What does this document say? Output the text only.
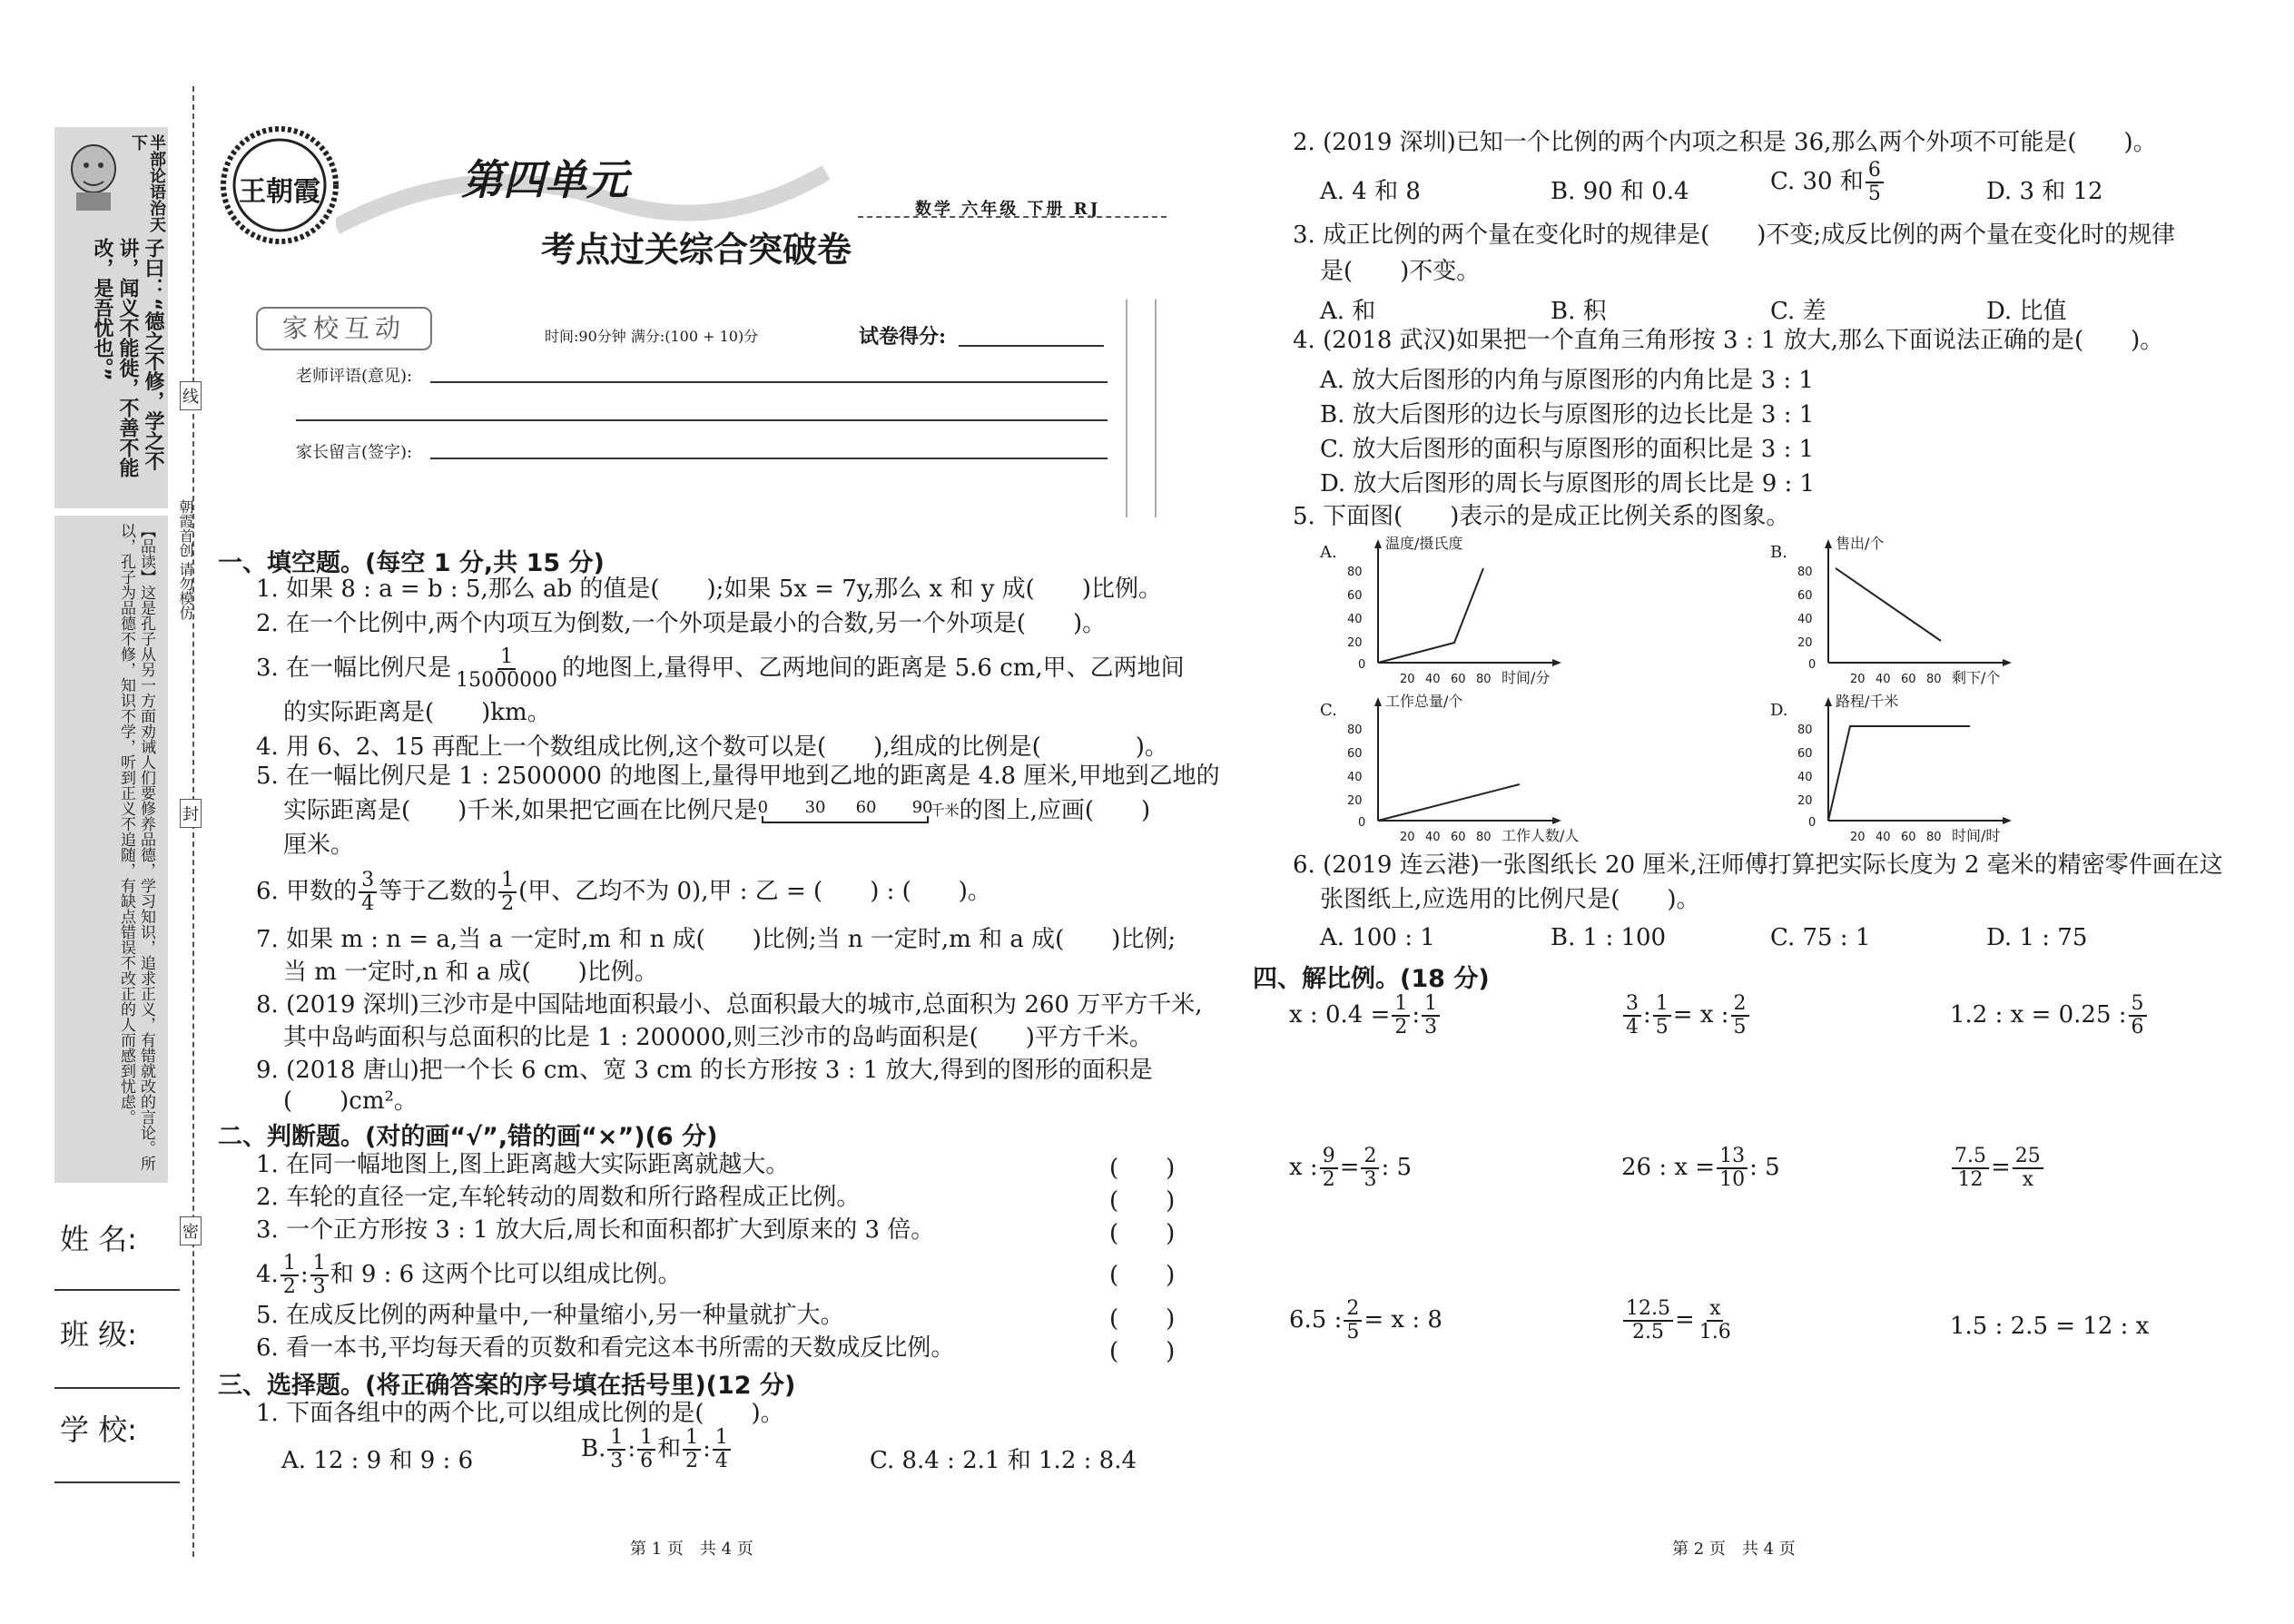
半部论语治天下
子曰：“德之不修，学之不讲，闻义不能徙，不善不能改，是吾忧也。”
【品读】这是孔子从另一方面劝诫人们要修养品德，学习知识，追求正义，有错就改的言论。所以，孔子为品德不修，知识不学，听到正义不追随，有缺点错误不改正的人而感到忧虑。	朝霞首创 请勿模仿
线
封
密
姓 名:
班 级:
学 校:
王朝霞	第四单元
考点过关综合突破卷
数学 六年级 下册 RJ
家校互动	时间:90分钟 满分:(100 + 10)分	试卷得分:
老师评语(意见):
家长留言(签字):
一、填空题。(每空 1 分,共 15 分)
1. 如果 8 : a = b : 5,那么 ab 的值是(　　);如果 5x = 7y,那么 x 和 y 成(　　)比例。
2. 在一个比例中,两个内项互为倒数,一个外项是最小的合数,另一个外项是(　　)。
3. 在一幅比例尺是 $\frac{1}{15000000}$ 的地图上,量得甲、乙两地间的距离是 5.6 cm,甲、乙两地间
的实际距离是(　　)km。
4. 用 6、2、15 再配上一个数组成比例,这个数可以是(　　),组成的比例是(　　　　)。
5. 在一幅比例尺是 1 : 2500000 的地图上,量得甲地到乙地的距离是 4.8 厘米,甲地到乙地的
实际距离是(　　)千米,如果把它画在比例尺是 0 30 60 90
$^{千米}$的图上,应画(　　)
厘米。
6. 甲数的 $\frac{3}{4}$ 等于乙数的 $\frac{1}{2}$ (甲、乙均不为 0),甲 : 乙 = (　　) : (　　)。
7. 如果 m : n = a,当 a 一定时,m 和 n 成(　　)比例;当 n 一定时,m 和 a 成(　　)比例;
当 m 一定时,n 和 a 成(　　)比例。
8. (2019 深圳)三沙市是中国陆地面积最小、总面积最大的城市,总面积为 260 万平方千米,
其中岛屿面积与总面积的比是 1 : 200000,则三沙市的岛屿面积是(　　)平方千米。
9. (2018 唐山)把一个长 6 cm、宽 3 cm 的长方形按 3 : 1 放大,得到的图形的面积是
(　　)cm²。
二、判断题。(对的画“√”,错的画“×”)(6 分)
1. 在同一幅地图上,图上距离越大实际距离就越大。	(　　)
2. 车轮的直径一定,车轮转动的周数和所行路程成正比例。	(　　)
3. 一个正方形按 3 : 1 放大后,周长和面积都扩大到原来的 3 倍。	(　　)
4. $\frac{1}{2}$ : $\frac{1}{3}$ 和 9 : 6 这两个比可以组成比例。	(　　)
5. 在成反比例的两种量中,一种量缩小,另一种量就扩大。	(　　)
6. 看一本书,平均每天看的页数和看完这本书所需的天数成反比例。	(　　)
三、选择题。(将正确答案的序号填在括号里)(12 分)
1. 下面各组中的两个比,可以组成比例的是(　　)。
A. 12 : 9 和 9 : 6	B. $\frac{1}{3}$ : $\frac{1}{6}$ 和 $\frac{1}{2}$ : $\frac{1}{4}$	C. 8.4 : 2.1 和 1.2 : 8.4
第 1 页　共 4 页
2. (2019 深圳)已知一个比例的两个内项之积是 36,那么两个外项不可能是(　　)。
A. 4 和 8	B. 90 和 0.4	C. 30 和 $\frac{6}{5}$	D. 3 和 12
3. 成正比例的两个量在变化时的规律是(　　)不变;成反比例的两个量在变化时的规律
是(　　)不变。
A. 和	B. 积	C. 差	D. 比值
4. (2018 武汉)如果把一个直角三角形按 3 : 1 放大,那么下面说法正确的是(　　)。
A. 放大后图形的内角与原图形的内角比是 3 : 1
B. 放大后图形的边长与原图形的边长比是 3 : 1
C. 放大后图形的面积与原图形的面积比是 3 : 1
D. 放大后图形的周长与原图形的周长比是 9 : 1
5. 下面图(　　)表示的是成正比例关系的图象。
A.
80
60
40
20
0
20 40 60 80 时间/分
温度/摄氏度	B.
80
60
40
20
0
20 40 60 80 剩下/个
售出/个
C.
80
60
40
20
0
20 40 60 80 工作人数/人
工作总量/个	D.
80
60
40
20
0
20 40 60 80 时间/时
路程/千米
6. (2019 连云港)一张图纸长 20 厘米,汪师傅打算把实际长度为 2 毫米的精密零件画在这
张图纸上,应选用的比例尺是(　　)。
A. 100 : 1	B. 1 : 100	C. 75 : 1	D. 1 : 75
四、解比例。(18 分)
x : $0.4 = \frac{1}{2}$ : $\frac{1}{3}$	$\frac{3}{4}$ : $\frac{1}{5} = x$ : $\frac{2}{5}$	1.2 : x = 0.25 : $\frac{5}{6}$
x : $\frac{9}{2} = \frac{2}{3}$ : 5	26 : $x = \frac{13}{10}$ : 5	$\frac{7.5}{12} = \frac{25}{x}$
6.5 : $\frac{2}{5} = x$ : 8	$\frac{12.5}{2.5} = \frac{x}{1.6}$	1.5 : 2.5 = 12 : x
第 2 页　共 4 页
